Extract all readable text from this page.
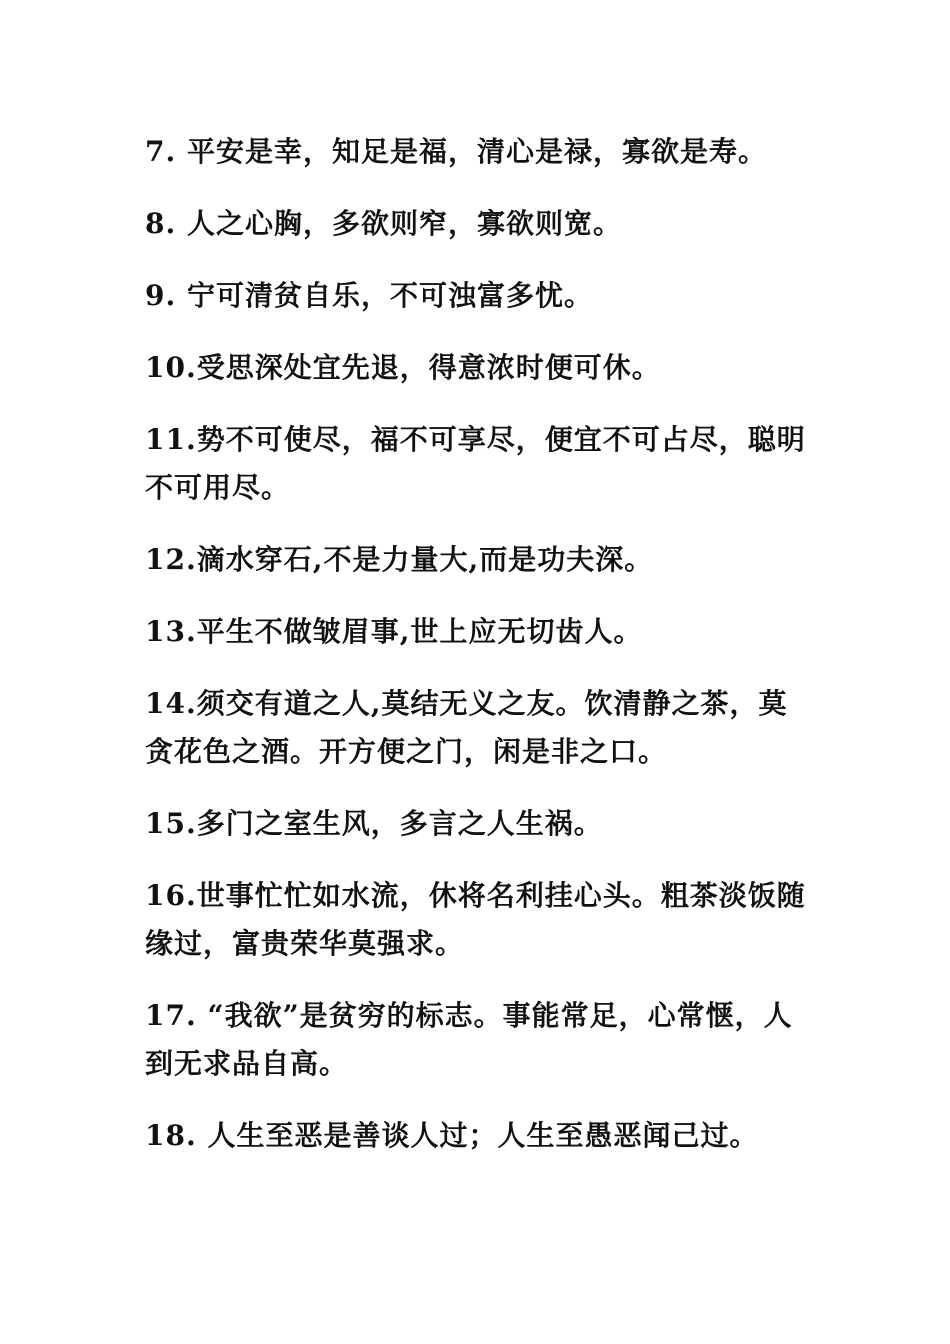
7. 平安是幸，知足是福，清心是禄，寡欲是寿。

8. 人之心胸，多欲则窄，寡欲则宽。

9. 宁可清贫自乐，不可浊富多忧。

10.受思深处宜先退，得意浓时便可休。

11.势不可使尽，福不可享尽，便宜不可占尽，聪明不可用尽。

12.滴水穿石,不是力量大,而是功夫深。

13.平生不做皱眉事,世上应无切齿人。

14.须交有道之人,莫结无义之友。饮清静之茶，莫贪花色之酒。开方便之门，闲是非之口。

15.多门之室生风，多言之人生祸。

16.世事忙忙如水流，休将名利挂心头。粗茶淡饭随缘过，富贵荣华莫强求。

17. “我欲”是贫穷的标志。事能常足，心常惬，人到无求品自高。

18. 人生至恶是善谈人过；人生至愚恶闻己过。
